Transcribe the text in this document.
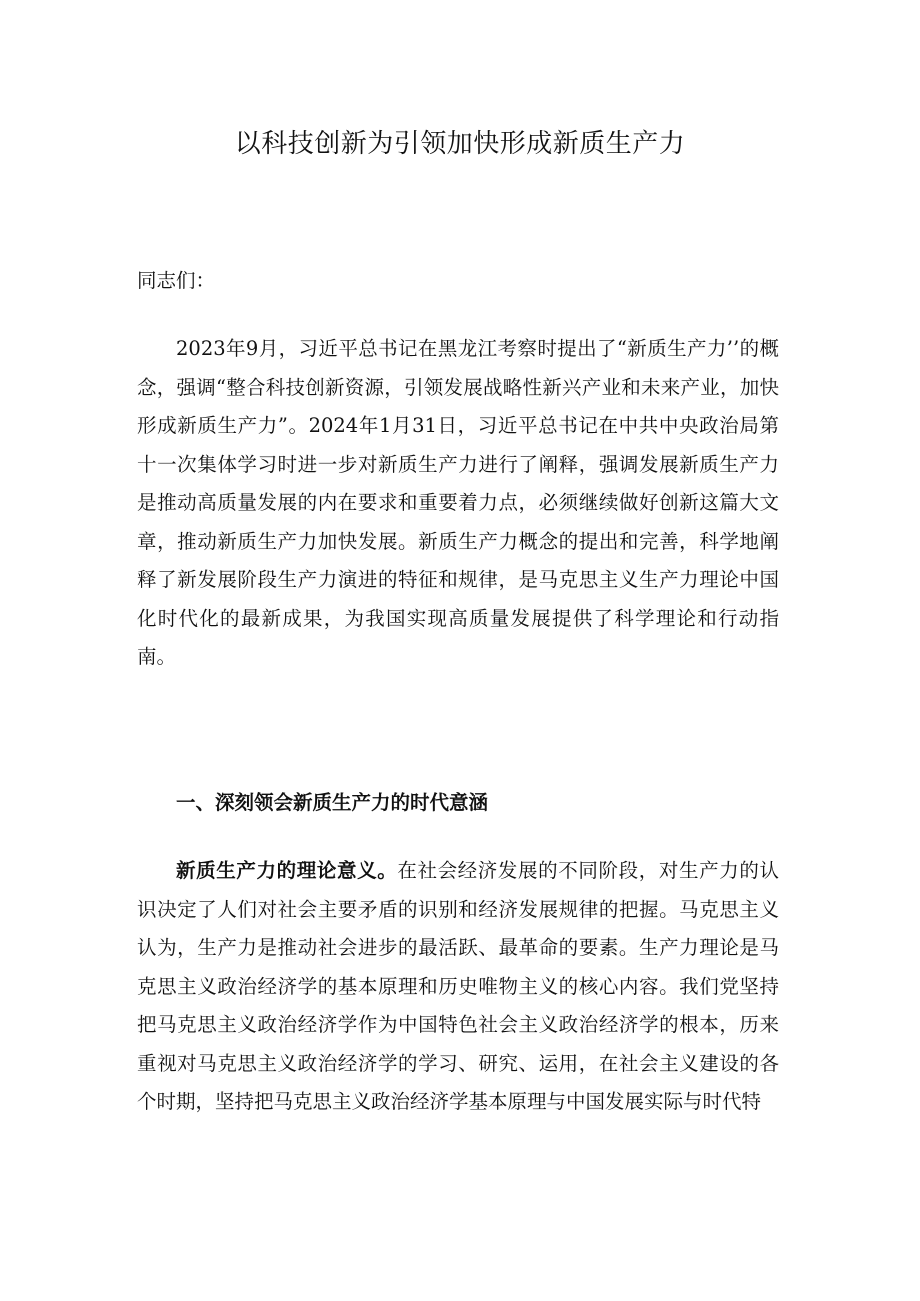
以科技创新为引领加快形成新质生产力

同志们：

2023年9月，习近平总书记在黑龙江考察时提出了“新质生产力’’的概念，强调“整合科技创新资源，引领发展战略性新兴产业和未来产业，加快形成新质生产力”。2024年1月31日，习近平总书记在中共中央政治局第十一次集体学习时进一步对新质生产力进行了阐释，强调发展新质生产力是推动高质量发展的内在要求和重要着力点，必须继续做好创新这篇大文章，推动新质生产力加快发展。新质生产力概念的提出和完善，科学地阐释了新发展阶段生产力演进的特征和规律，是马克思主义生产力理论中国化时代化的最新成果，为我国实现高质量发展提供了科学理论和行动指南。

一、深刻领会新质生产力的时代意涵

新质生产力的理论意义。在社会经济发展的不同阶段，对生产力的认识决定了人们对社会主要矛盾的识别和经济发展规律的把握。马克思主义认为，生产力是推动社会进步的最活跃、最革命的要素。生产力理论是马克思主义政治经济学的基本原理和历史唯物主义的核心内容。我们党坚持把马克思主义政治经济学作为中国特色社会主义政治经济学的根本，历来重视对马克思主义政治经济学的学习、研究、运用，在社会主义建设的各个时期，坚持把马克思主义政治经济学基本原理与中国发展实际与时代特
